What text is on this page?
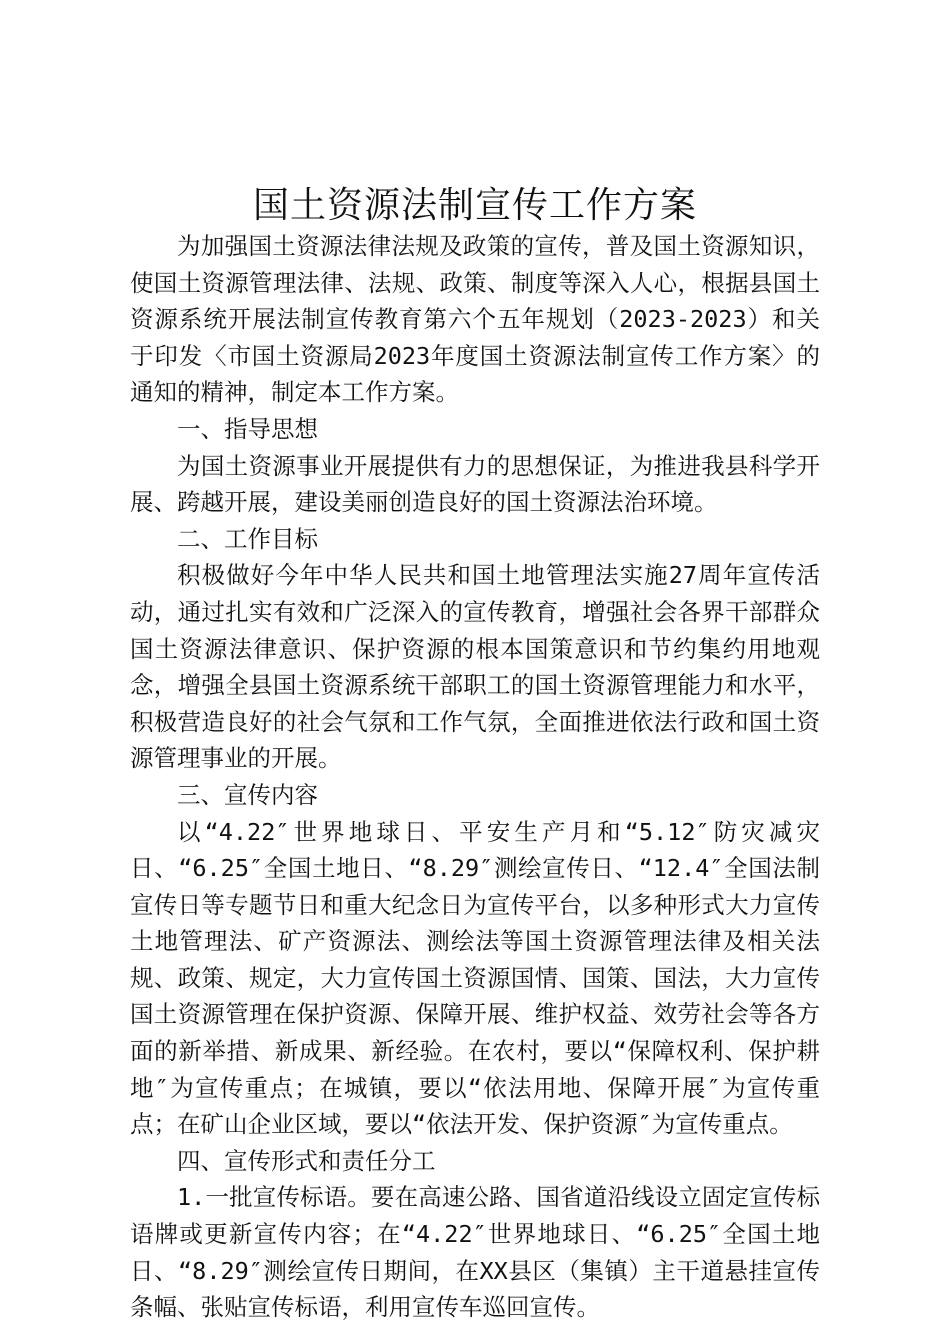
国土资源法制宣传工作方案

为加强国土资源法律法规及政策的宣传，普及国土资源知识，使国土资源管理法律、法规、政策、制度等深入人心，根据县国土资源系统开展法制宣传教育第六个五年规划（2023-2023）和关于印发〈市国土资源局2023年度国土资源法制宣传工作方案〉的通知的精神，制定本工作方案。

一、指导思想

为国土资源事业开展提供有力的思想保证，为推进我县科学开展、跨越开展，建设美丽创造良好的国土资源法治环境。

二、工作目标

积极做好今年中华人民共和国土地管理法实施27周年宣传活动，通过扎实有效和广泛深入的宣传教育，增强社会各界干部群众国土资源法律意识、保护资源的根本国策意识和节约集约用地观念，增强全县国土资源系统干部职工的国土资源管理能力和水平，积极营造良好的社会气氛和工作气氛，全面推进依法行政和国土资源管理事业的开展。

三、宣传内容

以“4.22″世界地球日、平安生产月和“5.12″防灾减灾日、“6.25″全国土地日、“8.29″测绘宣传日、“12.4″全国法制宣传日等专题节日和重大纪念日为宣传平台，以多种形式大力宣传土地管理法、矿产资源法、测绘法等国土资源管理法律及相关法规、政策、规定，大力宣传国土资源国情、国策、国法，大力宣传国土资源管理在保护资源、保障开展、维护权益、效劳社会等各方面的新举措、新成果、新经验。在农村，要以“保障权利、保护耕地″为宣传重点；在城镇，要以“依法用地、保障开展″为宣传重点；在矿山企业区域，要以“依法开发、保护资源″为宣传重点。

四、宣传形式和责任分工

1.一批宣传标语。要在高速公路、国省道沿线设立固定宣传标语牌或更新宣传内容；在“4.22″世界地球日、“6.25″全国土地日、“8.29″测绘宣传日期间，在XX县区（集镇）主干道悬挂宣传条幅、张贴宣传标语，利用宣传车巡回宣传。
